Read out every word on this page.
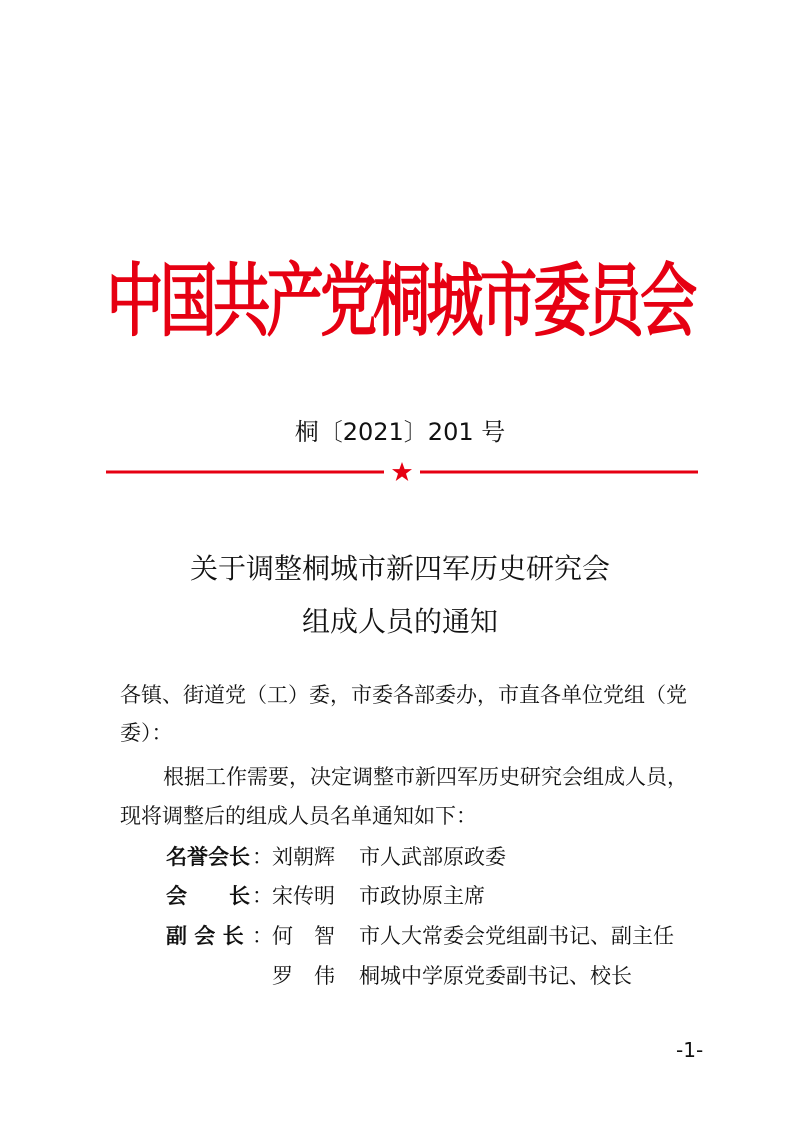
中国共产党桐城市委员会
桐〔2021〕201 号
关于调整桐城市新四军历史研究会
组成人员的通知
各镇、街道党（工）委，市委各部委办，市直各单位党组（党
委）：
根据工作需要，决定调整市新四军历史研究会组成人员，
现将调整后的组成人员名单通知如下：
名誉会长 ： 刘朝辉 市人武部原政委
会　　长 ： 宋传明 市政协原主席
副 会 长 ： 何　智 市人大常委会党组副书记、副主任
罗　伟 桐城中学原党委副书记、校长
-1-
